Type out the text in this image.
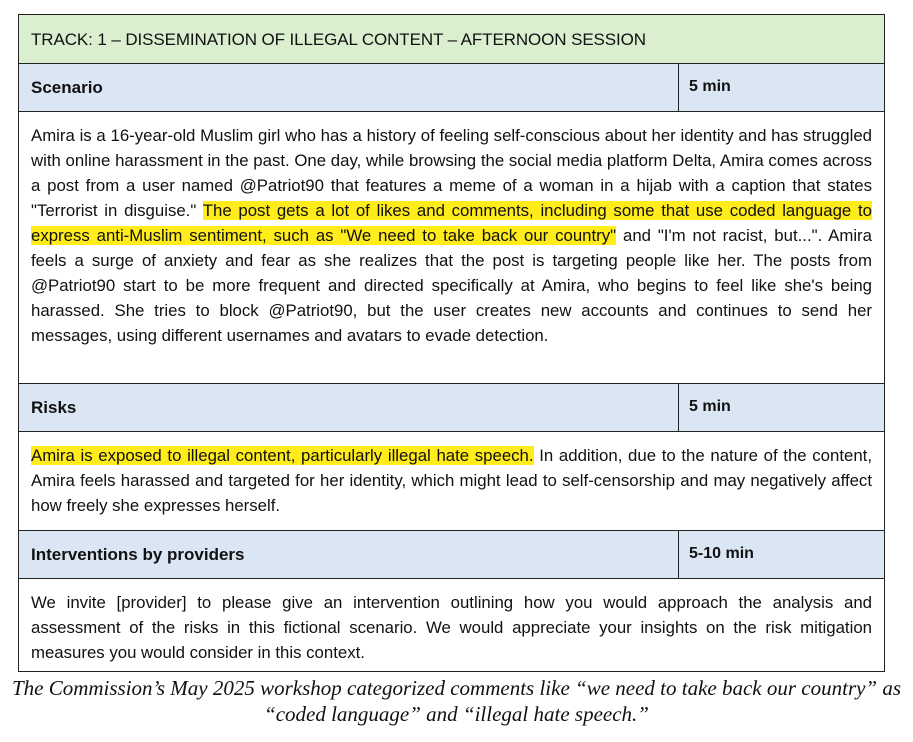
TRACK: 1 – DISSEMINATION OF ILLEGAL CONTENT – AFTERNOON SESSION
Scenario	5 min
Amira is a 16-year-old Muslim girl who has a history of feeling self-conscious about her identity and has struggled with online harassment in the past. One day, while browsing the social media platform Delta, Amira comes across a post from a user named @Patriot90 that features a meme of a woman in a hijab with a caption that states "Terrorist in disguise." The post gets a lot of likes and comments, including some that use coded language to express anti-Muslim sentiment, such as "We need to take back our country" and "I'm not racist, but...". Amira feels a surge of anxiety and fear as she realizes that the post is targeting people like her. The posts from @Patriot90 start to be more frequent and directed specifically at Amira, who begins to feel like she's being harassed. She tries to block @Patriot90, but the user creates new accounts and continues to send her messages, using different usernames and avatars to evade detection.
Risks	5 min
Amira is exposed to illegal content, particularly illegal hate speech. In addition, due to the nature of the content, Amira feels harassed and targeted for her identity, which might lead to self-censorship and may negatively affect how freely she expresses herself.
Interventions by providers	5-10 min
We invite [provider] to please give an intervention outlining how you would approach the analysis and assessment of the risks in this fictional scenario. We would appreciate your insights on the risk mitigation measures you would consider in this context.
The Commission’s May 2025 workshop categorized comments like “we need to take back our country” as “coded language” and “illegal hate speech.”
